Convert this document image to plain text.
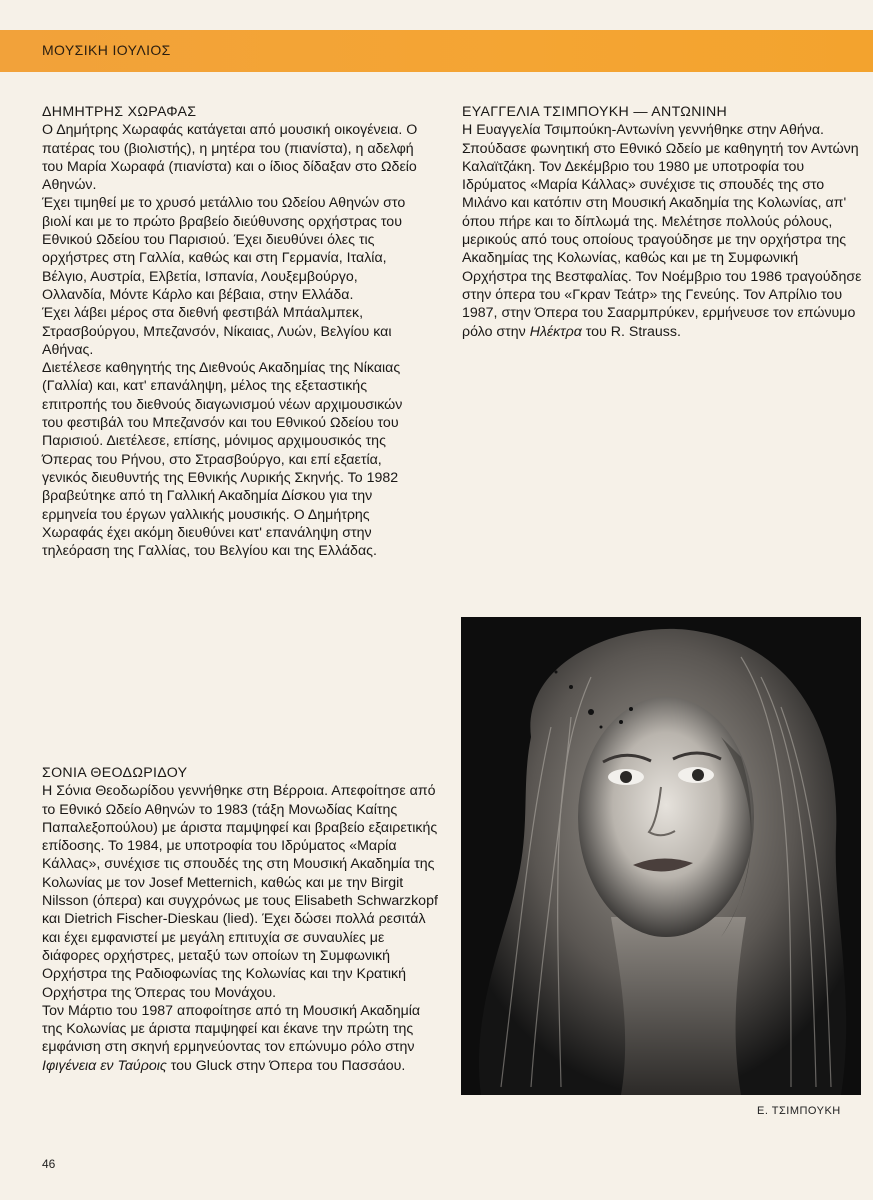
ΜΟΥΣΙΚΗ ΙΟΥΛΙΟΣ
ΔΗΜΗΤΡΗΣ ΧΩΡΑΦΑΣ

Ο Δημήτρης Χωραφάς κατάγεται από μουσική οικογένεια. Ο πατέρας του (βιολιστής), η μητέρα του (πιανίστα), η αδελφή του Μαρία Χωραφά (πιανίστα) και ο ίδιος δίδαξαν στο Ωδείο Αθηνών.

Έχει τιμηθεί με το χρυσό μετάλλιο του Ωδείου Αθηνών στο βιολί και με το πρώτο βραβείο διεύθυνσης ορχήστρας του Εθνικού Ωδείου του Παρισιού. Έχει διευθύνει όλες τις ορχήστρες στη Γαλλία, καθώς και στη Γερμανία, Ιταλία, Βέλγιο, Αυστρία, Ελβετία, Ισπανία, Λουξεμβούργο, Ολλανδία, Μόντε Κάρλο και βέβαια, στην Ελλάδα.

Έχει λάβει μέρος στα διεθνή φεστιβάλ Μπάαλμπεκ, Στρασβούργου, Μπεζανσόν, Νίκαιας, Λυών, Βελγίου και Αθήνας.

Διετέλεσε καθηγητής της Διεθνούς Ακαδημίας της Νίκαιας (Γαλλία) και, κατ' επανάληψη, μέλος της εξεταστικής επιτροπής του διεθνούς διαγωνισμού νέων αρχιμουσικών του φεστιβάλ του Μπεζανσόν και του Εθνικού Ωδείου του Παρισιού. Διετέλεσε, επίσης, μόνιμος αρχιμουσικός της Όπερας του Ρήνου, στο Στρασβούργο, και επί εξαετία, γενικός διευθυντής της Εθνικής Λυρικής Σκηνής. Το 1982 βραβεύτηκε από τη Γαλλική Ακαδημία Δίσκου για την ερμηνεία του έργων γαλλικής μουσικής. Ο Δημήτρης Χωραφάς έχει ακόμη διευθύνει κατ' επανάληψη στην τηλεόραση της Γαλλίας, του Βελγίου και της Ελλάδας.

ΕΥΑΓΓΕΛΙΑ ΤΣΙΜΠΟΥΚΗ — ΑΝΤΩΝΙΝΗ

Η Ευαγγελία Τσιμπούκη-Αντωνίνη γεννήθηκε στην Αθήνα. Σπούδασε φωνητική στο Εθνικό Ωδείο με καθηγητή τον Αντώνη Καλαϊτζάκη. Τον Δεκέμβριο του 1980 με υποτροφία του Ιδρύματος «Μαρία Κάλλας» συνέχισε τις σπουδές της στο Μιλάνο και κατόπιν στη Μουσική Ακαδημία της Κολωνίας, απ' όπου πήρε και το δίπλωμά της. Μελέτησε πολλούς ρόλους, μερικούς από τους οποίους τραγούδησε με την ορχήστρα της Ακαδημίας της Κολωνίας, καθώς και με τη Συμφωνική Ορχήστρα της Βεστφαλίας. Τον Νοέμβριο του 1986 τραγούδησε στην όπερα του «Γκραν Τεάτρ» της Γενεύης. Τον Απρίλιο του 1987, στην Όπερα του Σααρμπρύκεν, ερμήνευσε τον επώνυμο ρόλο στην Ηλέκτρα του R. Strauss.

Ε. ΤΣΙΜΠΟΥΚΗ
ΣΟΝΙΑ ΘΕΟΔΩΡΙΔΟΥ

Η Σόνια Θεοδωρίδου γεννήθηκε στη Βέρροια. Απεφοίτησε από το Εθνικό Ωδείο Αθηνών το 1983 (τάξη Μονωδίας Καίτης Παπαλεξοπούλου) με άριστα παμψηφεί και βραβείο εξαιρετικής επίδοσης. Το 1984, με υποτροφία του Ιδρύματος «Μαρία Κάλλας», συνέχισε τις σπουδές της στη Μουσική Ακαδημία της Κολωνίας με τον Josef Metternich, καθώς και με την Birgit Nilsson (όπερα) και συγχρόνως με τους Elisabeth Schwarzkopf και Dietrich Fischer-Dieskau (lied). Έχει δώσει πολλά ρεσιτάλ και έχει εμφανιστεί με μεγάλη επιτυχία σε συναυλίες με διάφορες ορχήστρες, μεταξύ των οποίων τη Συμφωνική Ορχήστρα της Ραδιοφωνίας της Κολωνίας και την Κρατική Ορχήστρα της Όπερας του Μονάχου.

Τον Μάρτιο του 1987 αποφοίτησε από τη Μουσική Ακαδημία της Κολωνίας με άριστα παμψηφεί και έκανε την πρώτη της εμφάνιση στη σκηνή ερμηνεύοντας τον επώνυμο ρόλο στην Ιφιγένεια εν Ταύροις του Gluck στην Όπερα του Πασσάου.

46
